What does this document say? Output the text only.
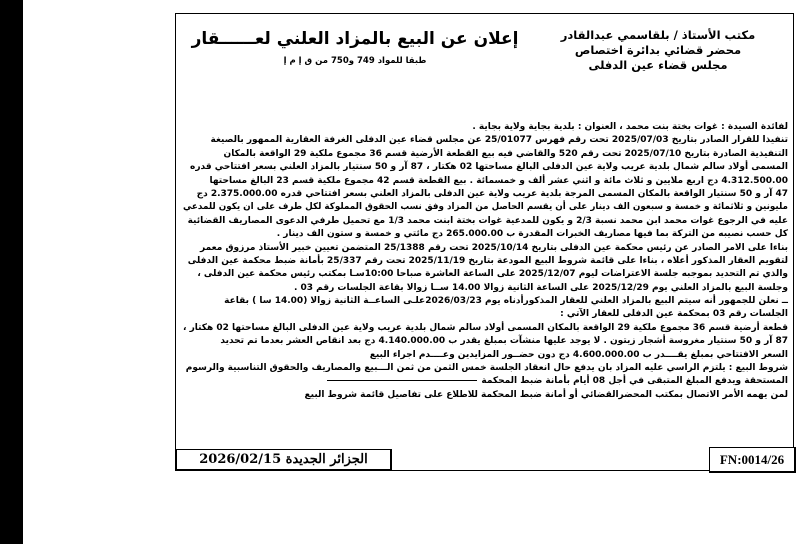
مكتب الأستاذ / بلقاسمي عبدالقادر
محضر قضائي بدائرة اختصاص
مجلس قضاء عين الدفلى
إعلان عن البيع بالمزاد العلني لعــــــقار
طبقا للمواد 749 و750 من ق إ م إ
لفائدة السيدة : غوات بختة بنت محمد ، العنوان : بلدية بجاية ولاية بجاية .
تنفيذا للقرار الصادر بتاريخ 2025/07/03 تحت رقم فهرس 25/01077 عن مجلس قضاء عين الدفلى الغرفة العقارية الممهور بالصيغة
التنفيذية الصادرة بتاريخ 2025/07/10 تحت رقم 520 والقاضي فيه بيع القطعة الأرضية قسم 36 مجموع ملكية 29 الواقعة بالمكان
المسمى أولاد سالم شمال بلدية عريب ولاية عين الدفلى البالغ مساحتها 02 هكتار ، 87 آر و 50 سنتيار بالمزاد العلني بسعر افتتاحي قدره
4.312.500.00 دج اربع ملايين و ثلاث مائة و اثني عشر ألف و خمسمائة . بيع القطعة قسم 42 مجموع ملكية قسم 23 البالغ مساحتها
47 آر و 50 سنتيار الواقعة بالمكان المسمى المرجة بلدية عريب ولاية عين الدفلى بالمزاد العلني بسعر افتتاحي قدره 2.375.000.00 دج
مليونين و ثلاثمائة و خمسة و سبعون الف دينار على أن يقسم الحاصل من المزاد وفق نسب الحقوق المملوكة لكل طرف على ان يكون للمدعي
عليه في الرجوع غوات محمد ابن محمد نسبة 2/3 و يكون للمدعية غوات بختة ابنت محمد 1/3 مع تحميل طرفي الدعوى المصاريف القضائية
كل حسب نصيبه من التركة بما فيها مصاريف الخبرات المقدرة ب 265.000.00 دج مائتي و خمسة و ستون الف دينار .
بناءا على الامر الصادر عن رئيس محكمة عين الدفلى بتاريخ 2025/10/14 تحت رقم 25/1388 المتضمن تعيين خبير الأستاذ مرزوق معمر
لتقويم العقار المذكور أعلاه ، بناءا على قائمة شروط البيع المودعة بتاريخ 2025/11/19 تحت رقم 25/337 بأمانة ضبط محكمة عين الدفلى
والذي تم التحديد بموجبه جلسة الاعتراضات ليوم 2025/12/07 على الساعة العاشرة صباحا 10:00سـا بمكتب رئيس محكمة عين الدفلى ،
وجلسة البيع بالمزاد العلني يوم 2025/12/29 على الساعة الثانية زوالا 14.00 ســا زوالا بقاعة الجلسات رقم 03 .
ــ نعلن للجمهور أنه سيتم البيع بالمزاد العلني للعقار المذكورأدناه يوم 2026/03/23علـى الساعــة الثانية زوالا (14.00 سا ) بقاعة
الجلسات رقم 03 بمحكمة عين الدفلى للعقار الآتي :
قطعة أرضية قسم 36 مجموع ملكية 29 الواقعة بالمكان المسمى أولاد سالم شمال بلدية عريب ولاية عين الدفلى البالغ مساحتها 02 هكتار ،
87 آر و 50 سنتيار مغروسة أشجار زيتون . لا يوجد عليها منشآت بمبلغ يقدر ب 4.140.000.00 دج بعد انقاص العشر بعدما تم تحديد
السعر الافتتاحي بمبلغ يقــــدر ب 4.600.000.00 دج دون حضــور المزايدين وعــــدم اجراء البيع
شروط البيع : يلتزم الراسي عليه المزاد بان يدفع حال انعقاد الجلسة خمس الثمن من ثمن الـــبيع والمصاريف والحقوق التناسبية والرسوم
المستحقة ويدفع المبلغ المتبقى في أجل 08 أيام بأمانة ضبط المحكمة
لمن يهمه الأمر الاتصال بمكتب المحضرالقضائي أو أمانة ضبط المحكمة للاطلاع على تفاصيل قائمة شروط البيع
الجزائر الجديدة 2026/02/15	FN:0014/26
